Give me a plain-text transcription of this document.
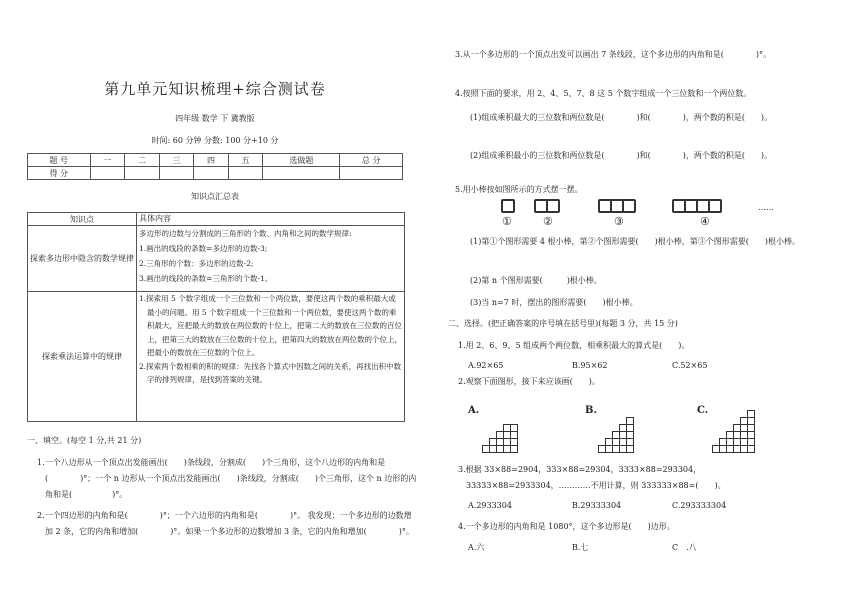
第九单元知识梳理+综合测试卷
四年级 数学 下 冀教版
时间: 60 分钟 分数: 100 分+10 分
题 号	一	二	三	四	五	选做题	总 分
得 分							
知识点汇总表
知识点	具体内容
探索多边形中隐含的数学规律	多边形的边数与分割成的三角形的个数、内角和之间的数学规律:
1.画出的线段的条数=多边形的边数-3;
2.三角形的个数：多边形的边数-2;
3.画出的线段的条数=三角形的个数-1。

探索乘法运算中的规律	1.探索用 5 个数字组成一个三位数和一个两位数，要使这两个数的乘积最大或最小的问题。用 5 个数字组成一个三位数和一个两位数，要使这两个数的乘积最大，应把最大的数放在两位数的十位上，把第二大的数放在三位数的百位上，把第三大的数放在三位数的十位上，把第四大的数放在两位数的个位上，把最小的数放在三位数的个位上。
2.探索两个数相乘的积的规律：先找各个算式中因数之间的关系，再找出积中数字的排列规律，是找到答案的关键。
一、填空。(每空 1 分,共 21 分)
1.一个八边形从一个顶点出发能画出(　　)条线段，分割成(　　)个三角形，这个八边形的内角和是(　　　　)°；一个 n 边形从一个顶点出发能画出(　　)条线段，分割成(　　)个三角形，这个 n 边形的内角和是(　　　　　)°。
2.一个四边形的内角和是(　　　　)°；一个六边形的内角和是(　　　　)°。 我发现：一个多边形的边数增加 2 条，它的内角和增加(　　　　)°。如果一个多边形的边数增加 3 条，它的内角和增加(　　　　)°。
3.从一个多边形的一个顶点出发可以画出 7 条线段，这个多边形的内角和是(　　　　)°。
4.按照下面的要求，用 2、4、5、7、8 这 5 个数字组成一个三位数和一个两位数。
(1)组成乘积最大的三位数和两位数是(　　　　)和(　　　　)，两个数的积是(　　)。
(2)组成乘积最小的三位数和两位数是(　　　　)和(　　　　)，两个数的积是(　　)。
5.用小棒按如图所示的方式摆一摆。
①	②	③	④
……
(1)第①个图形需要 4 根小棒，第②个图形需要(　　)根小棒，第③个图形需要(　　)根小棒。
(2)第 n 个图形需要(　　　)根小棒。
(3)当 n=7 时，摆出的图形需要(　　)根小棒。
二、选择。(把正确答案的序号填在括号里)(每题 3 分，共 15 分)
1.用 2、6、9、5 组成两个两位数，相乘积最大的算式是(　　)。
A.92×65	B.95×62	C.52×65
2.观察下面图形，接下来应该画(　　)。
A.	B.	C.
3.根据 33×88=2904，333×88=29304，3333×88=293304，33333×88=2933304，…………不用计算，则 333333×88=(　　)。
A.2933304	B.29333304	C.293333304
4.一个多边形的内角和是 1080°，这个多边形是(　　)边形。
A.六	B.七	C　.八
